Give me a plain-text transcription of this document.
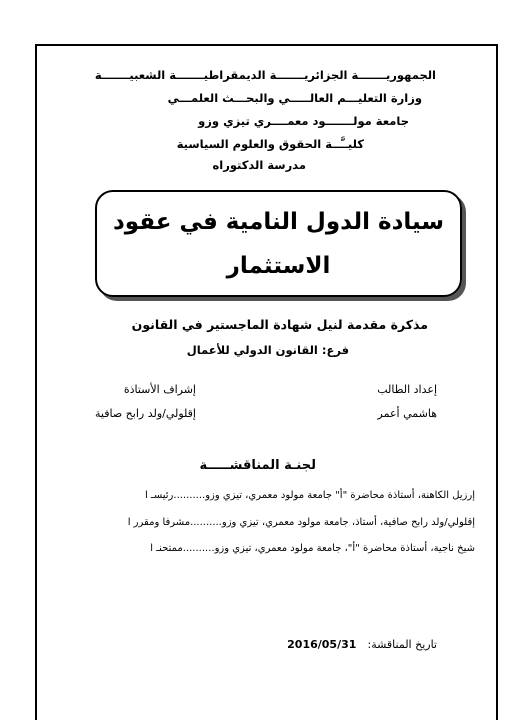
الجمهوريـــــــة الجزائريـــــــة الديمقراطيـــــــة الشعبيـــــــة
وزارة التعليـــم العالـــــي والبحـــث العلمـــي
جامعة مولـــــــود معمــــري تيزي وزو
كليــَّــة الحقوق والعلوم السياسية
مدرسة الدكتوراه
سيادة الدول النامية في عقود
الاستثمار
مذكرة مقدمة لنيل شهادة الماجستير في القانون
فرع: القانون الدولي للأعمال
إعداد الطالب
إشراف الأستاذة
هاشمي أعمر
إقلولي/ولد رابح صافية
لجنـة المناقشـــــة
إرزيل الكاهنة، أستاذة محاضرة "أ" جامعة مولود معمري، تيزي وزو..........رئيسـ ا
إقلولي/ولد رابح صافية، أستاذ، جامعة مولود معمري، تيزي وزو..........مشرفا ومقرر ا
شيخ ناجية، أستاذة محاضرة "أ"، جامعة مولود معمري، تيزي وزو..........ممتحنـ ا
تاريخ المناقشة: 2016/05/31
